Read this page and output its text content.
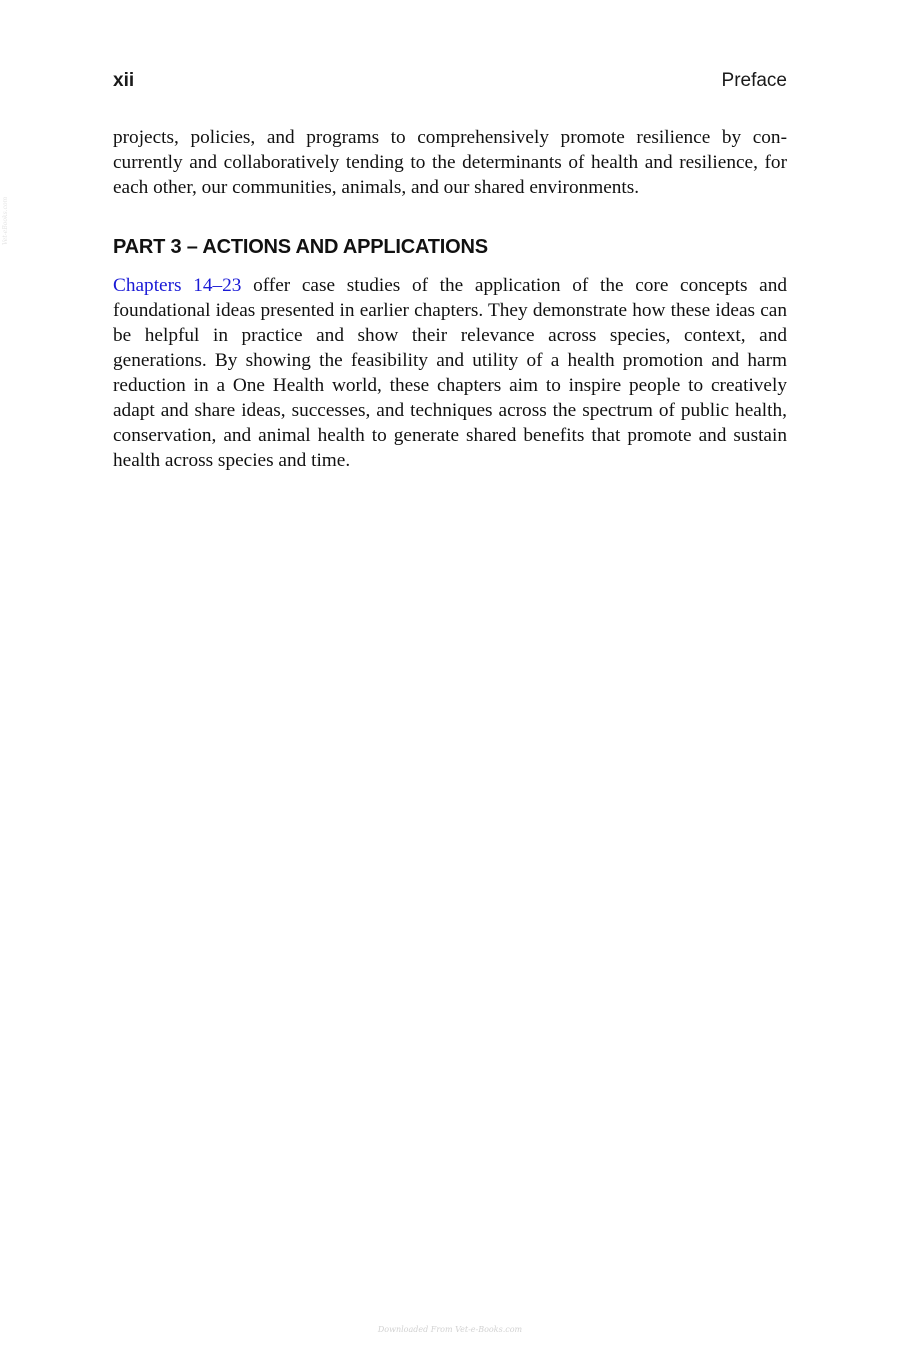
xii	Preface
Vet-eBooks.com

projects, policies, and programs to comprehensively promote resilience by concurrently and collaboratively tending to the determinants of health and resilience, for each other, our communities, animals, and our shared environments.

PART 3 – ACTIONS AND APPLICATIONS

Chapters 14–23 offer case studies of the application of the core concepts and foundational ideas presented in earlier chapters. They demonstrate how these ideas can be helpful in practice and show their relevance across species, context, and generations. By showing the feasibility and utility of a health promotion and harm reduction in a One Health world, these chapters aim to inspire people to creatively adapt and share ideas, successes, and techniques across the spectrum of public health, conservation, and animal health to generate shared benefits that promote and sustain health across species and time.

Downloaded From Vet-e-Books.com
